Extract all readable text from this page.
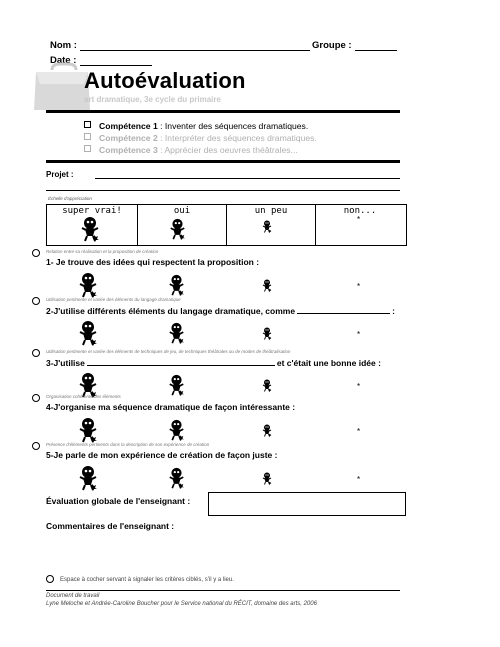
Nom :	Groupe :
Date :
Autoévaluation
art dramatique, 3e cycle du primaire
Compétence 1 : Inventer des séquences dramatiques.
Compétence 2 : Interpréter des séquences dramatiques.
Compétence 3 : Apprécier des oeuvres théâtrales...
Projet :
Échelle d'appréciation
super vrai!	oui	un peu	non...
*
Relation entre sa réalisation et la proposition de création
1- Je trouve des idées qui respectent la proposition :
*
Utilisation pertinente et variée des éléments du langage dramatique
2-J'utilise différents éléments du langage dramatique, comme	:
*
Utilisation pertinente et variée des éléments de techniques de jeu, de techniques théâtrales ou de modes de théâtralisation
3-J'utilise	et c'était une bonne idée :
*
Organisation cohérente des éléments
4-J'organise ma séquence dramatique de façon intéressante :
*
Présence d'éléments pertinents dans la description de son expérience de création
5-Je parle de mon expérience de création de façon juste :
*
Évaluation globale de l'enseignant :
Commentaires de l'enseignant :
Espace à cocher servant à signaler les critères ciblés, s'il y a lieu.
Document de travail
Lyne Meloche et Andrée-Caroline Boucher pour le Service national du RÉCIT, domaine des arts, 2006
